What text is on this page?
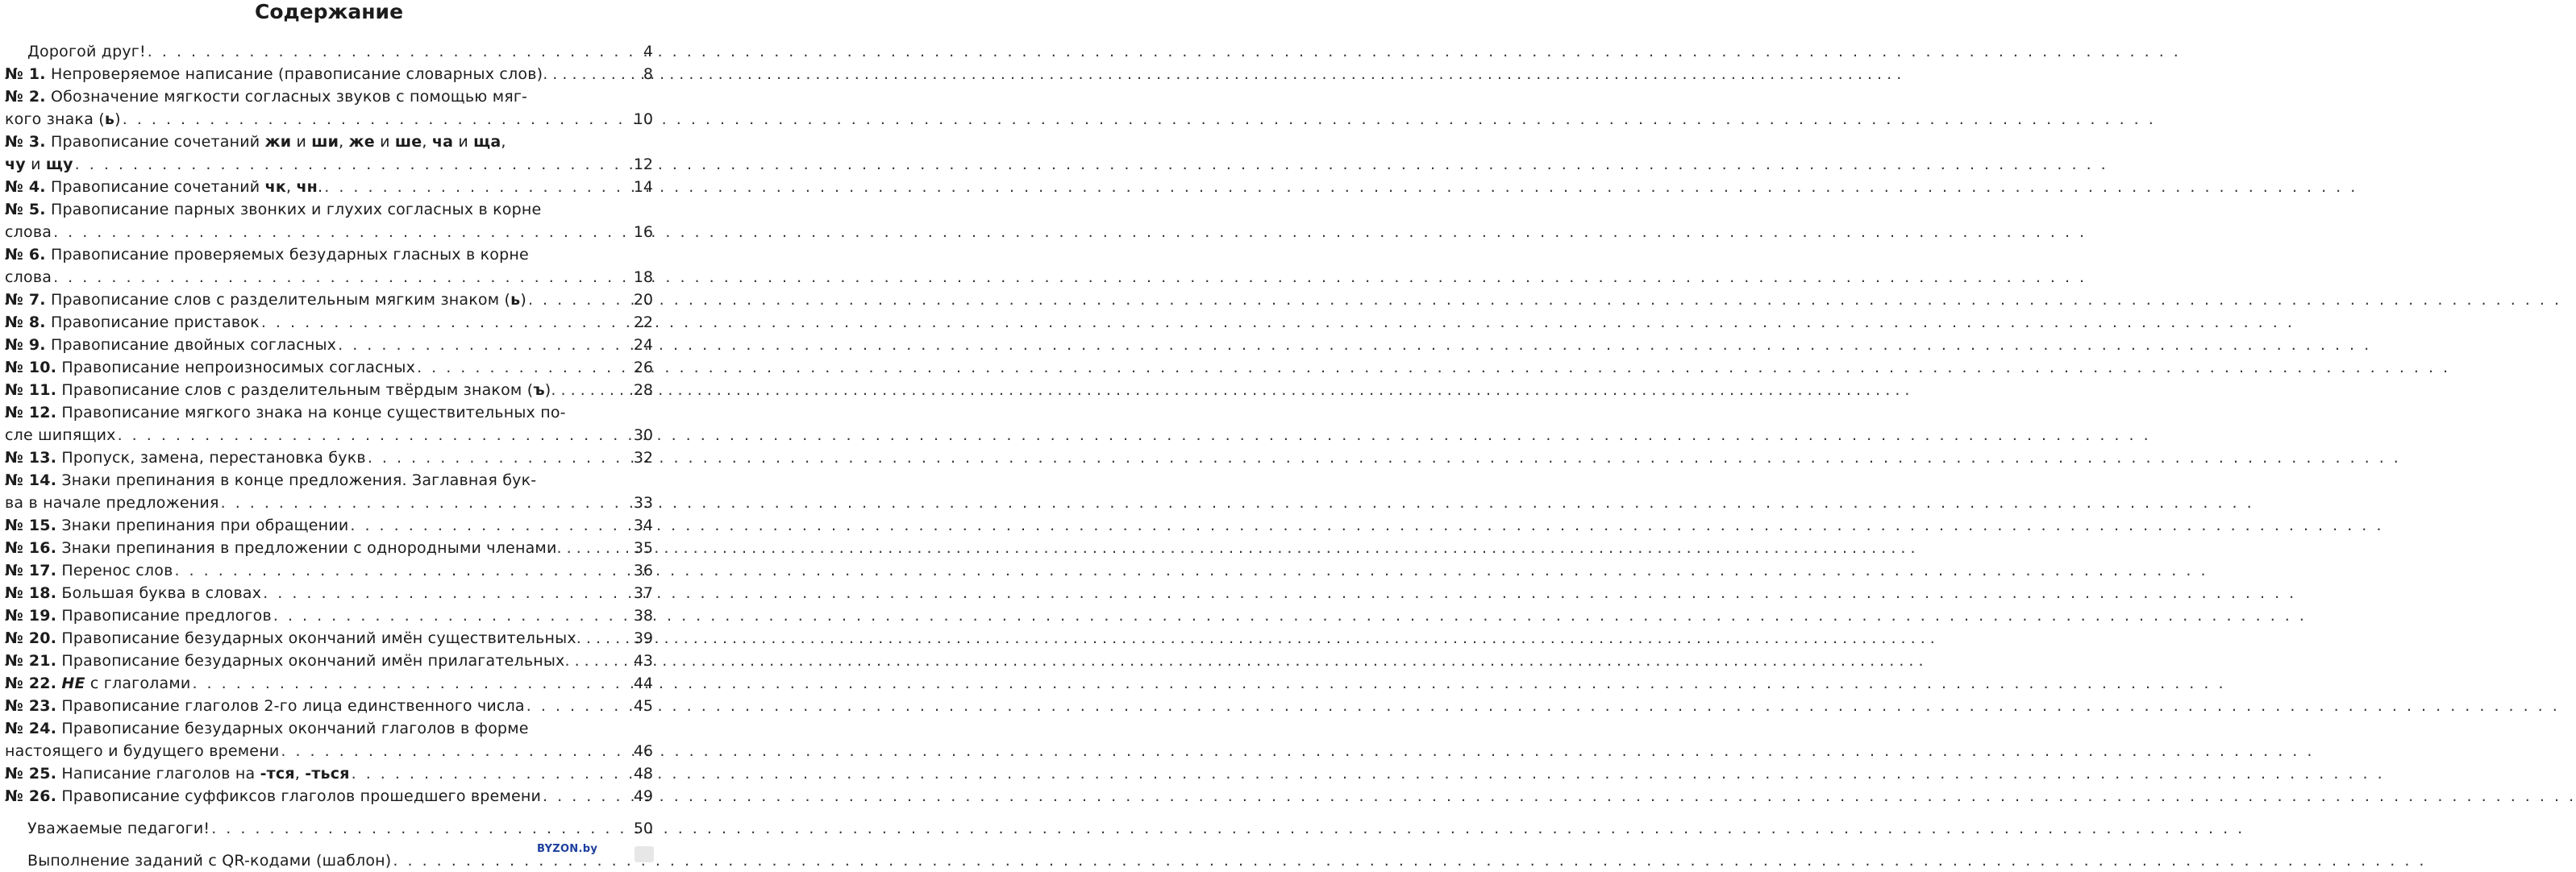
Содержание
Дорогой друг! . . .	4
№ 1. Непроверяемое написание (правописание словарных слов) . . .	8
№ 2. Обозначение мягкости согласных звуков с помощью мяг-
кого знака (ь) . . .	10
№ 3. Правописание сочетаний жи и ши, же и ше, ча и ща,
чу и щу . . .	12
№ 4. Правописание сочетаний чк, чн. . . .	14
№ 5. Правописание парных звонких и глухих согласных в корне
слова . . .	16
№ 6. Правописание проверяемых безударных гласных в корне
слова . . .	18
№ 7. Правописание слов с разделительным мягким знаком (ь) . . .	20
№ 8. Правописание приставок . . .	22
№ 9. Правописание двойных согласных . . .	24
№ 10. Правописание непроизносимых согласных . . .	26
№ 11. Правописание слов с разделительным твёрдым знаком (ъ) . . .	28
№ 12. Правописание мягкого знака на конце существительных по-
сле шипящих . . .	30
№ 13. Пропуск, замена, перестановка букв . . .	32
№ 14. Знаки препинания в конце предложения. Заглавная бук-
ва в начале предложения . . .	33
№ 15. Знаки препинания при обращении . . .	34
№ 16. Знаки препинания в предложении с однородными членами . . .	35
№ 17. Перенос слов . . .	36
№ 18. Большая буква в словах . . .	37
№ 19. Правописание предлогов . . .	38
№ 20. Правописание безударных окончаний имён существительных . . .	39
№ 21. Правописание безударных окончаний имён прилагательных . . .	43
№ 22. НЕ с глаголами . . .	44
№ 23. Правописание глаголов 2-го лица единственного числа . . .	45
№ 24. Правописание безударных окончаний глаголов в форме
настоящего и будущего времени . . .	46
№ 25. Написание глаголов на -тся, -ться . . .	48
№ 26. Правописание суффиксов глаголов прошедшего времени . . .	49
Уважаемые педагоги! . . .	50
Выполнение заданий с QR-кодами (шаблон)
. . .
BYZON.by
